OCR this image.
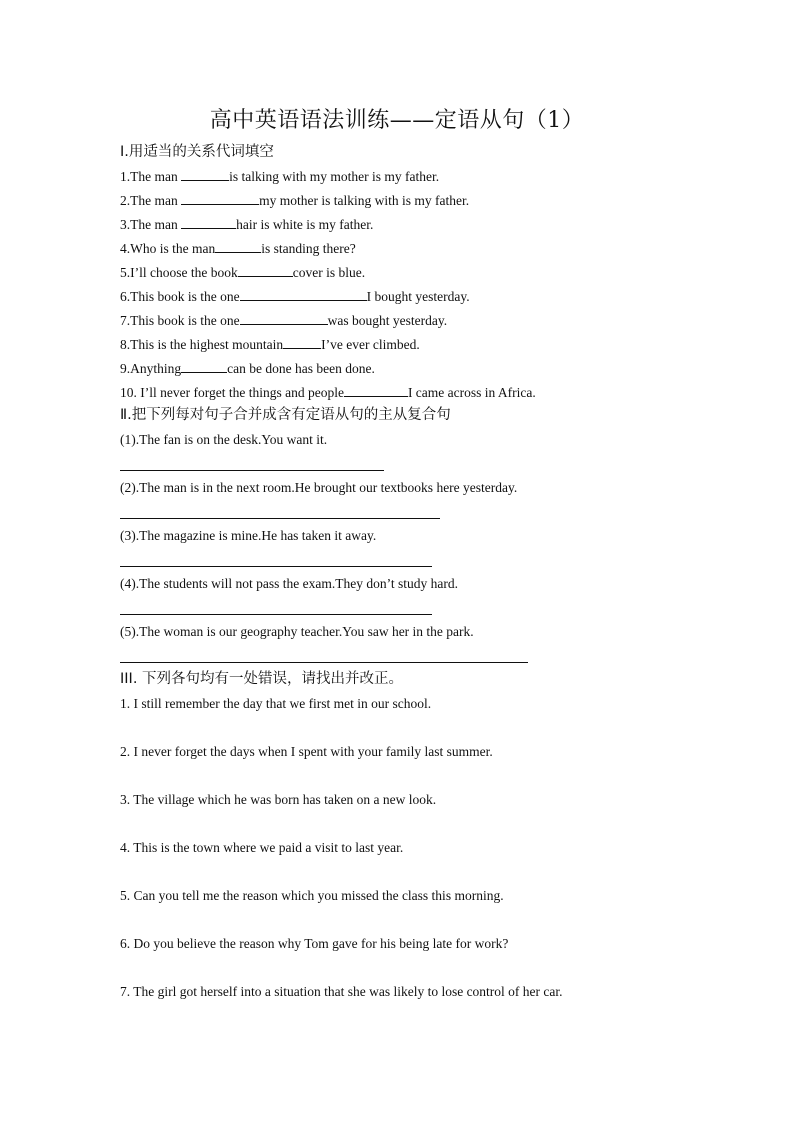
高中英语语法训练——定语从句（1）
Ⅰ.用适当的关系代词填空
1.The man	is talking with my mother is my father.
2.The man	my mother is talking with is my father.
3.The man	hair is white is my father.
4.Who is the man	is standing there?
5.I’ll choose the book	cover is blue.
6.This book is the one	I bought yesterday.
7.This book is the one	was bought yesterday.
8.This is the highest mountain	I’ve ever climbed.
9.Anything	can be done has been done.
10. I’ll never forget the things and people	I came across in Africa.
Ⅱ.把下列每对句子合并成含有定语从句的主从复合句
(1).The fan is on the desk.You want it.
(2).The man is in the next room.He brought our textbooks here yesterday.
(3).The magazine is mine.He has taken it away.
(4).The students will not pass the exam.They don’t study hard.
(5).The woman is our geography teacher.You saw her in the park.
III. 下列各句均有一处错误，请找出并改正。
1. I still remember the day that we first met in our school.
2. I never forget the days when I spent with your family last summer.
3. The village which he was born has taken on a new look.
4. This is the town where we paid a visit to last year.
5. Can you tell me the reason which you missed the class this morning.
6. Do you believe the reason why Tom gave for his being late for work?
7. The girl got herself into a situation that she was likely to lose control of her car.
